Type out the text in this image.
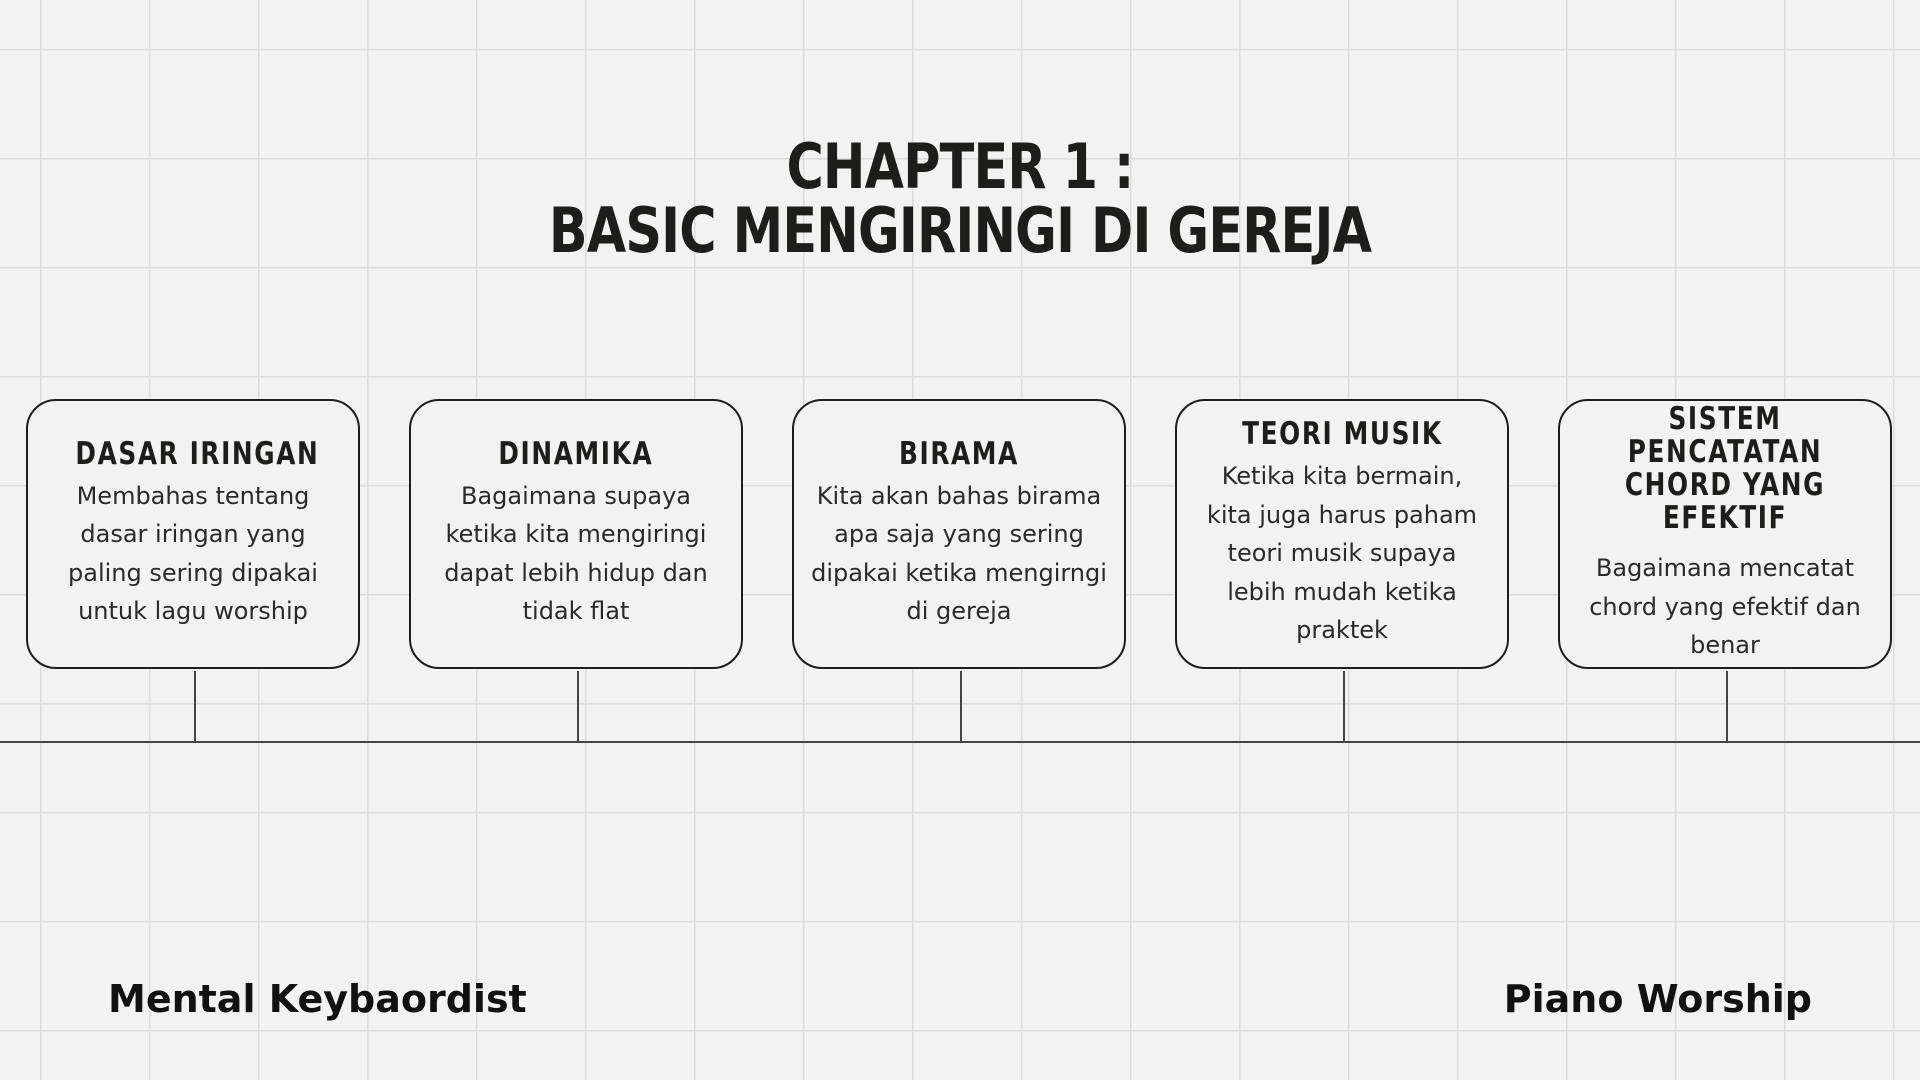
CHAPTER 1 :
BASIC MENGIRINGI DI GEREJA
DASAR IRINGAN

Membahas tentang dasar iringan yang paling sering dipakai untuk lagu worship

DINAMIKA

Bagaimana supaya ketika kita mengiringi dapat lebih hidup dan tidak flat

BIRAMA

Kita akan bahas birama apa saja yang sering dipakai ketika mengirngi di gereja

TEORI MUSIK

Ketika kita bermain, kita juga harus paham teori musik supaya lebih mudah ketika praktek

SISTEM PENCATATAN CHORD YANG EFEKTIF

Bagaimana mencatat chord yang efektif dan benar

Mental Keybaordist	Piano Worship
